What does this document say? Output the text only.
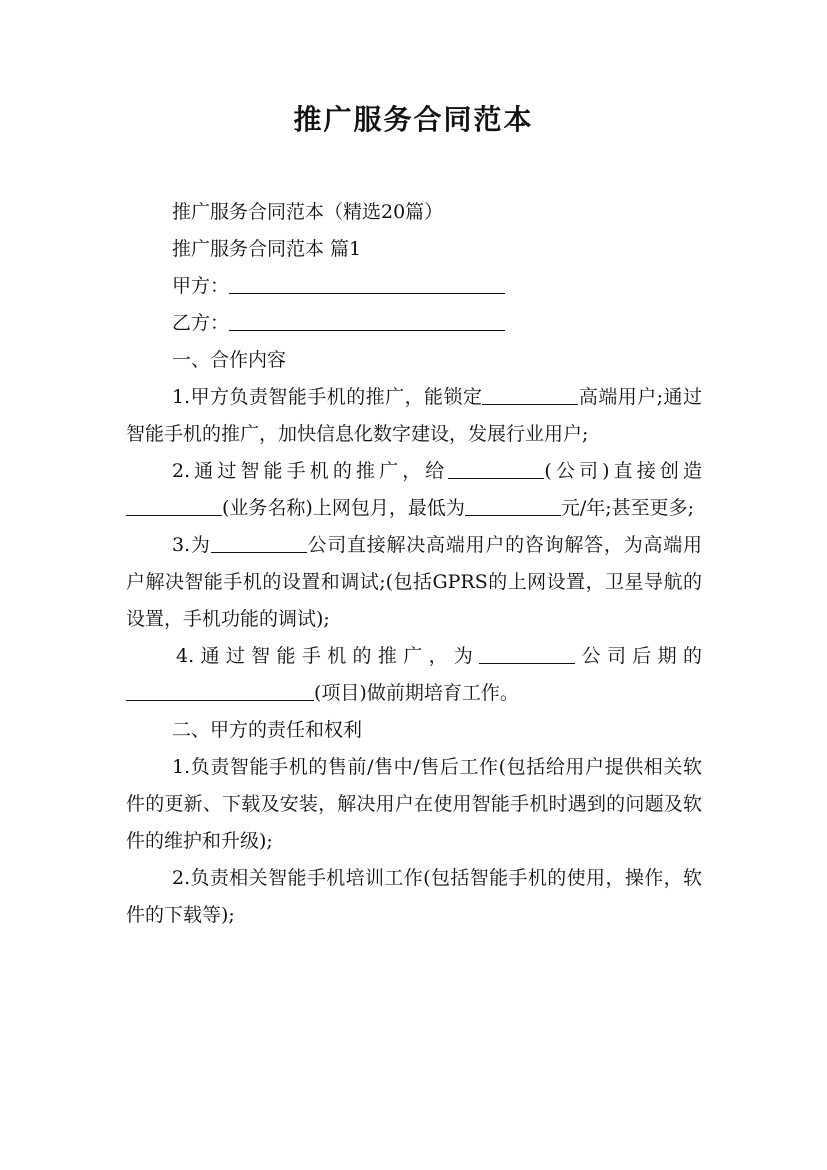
推广服务合同范本
推广服务合同范本（精选20篇）
推广服务合同范本 篇1
甲方：
乙方：
一、合作内容
1.甲方负责智能手机的推广，能锁定	高端用户;通过智能手机的推广，加快信息化数字建设，发展行业用户;
2.通过智能手机的推广，给	(公司)直接创造(业务名称)上网包月，最低为	元/年;甚至更多;
3.为	公司直接解决高端用户的咨询解答，为高端用户解决智能手机的设置和调试;(包括GPRS的上网设置，卫星导航的设置，手机功能的调试);
4.通过智能手机的推广，为	公司后期的(项目)做前期培育工作。
二、甲方的责任和权利
1.负责智能手机的售前/售中/售后工作(包括给用户提供相关软件的更新、下载及安装，解决用户在使用智能手机时遇到的问题及软件的维护和升级);
2.负责相关智能手机培训工作(包括智能手机的使用，操作，软件的下载等);
